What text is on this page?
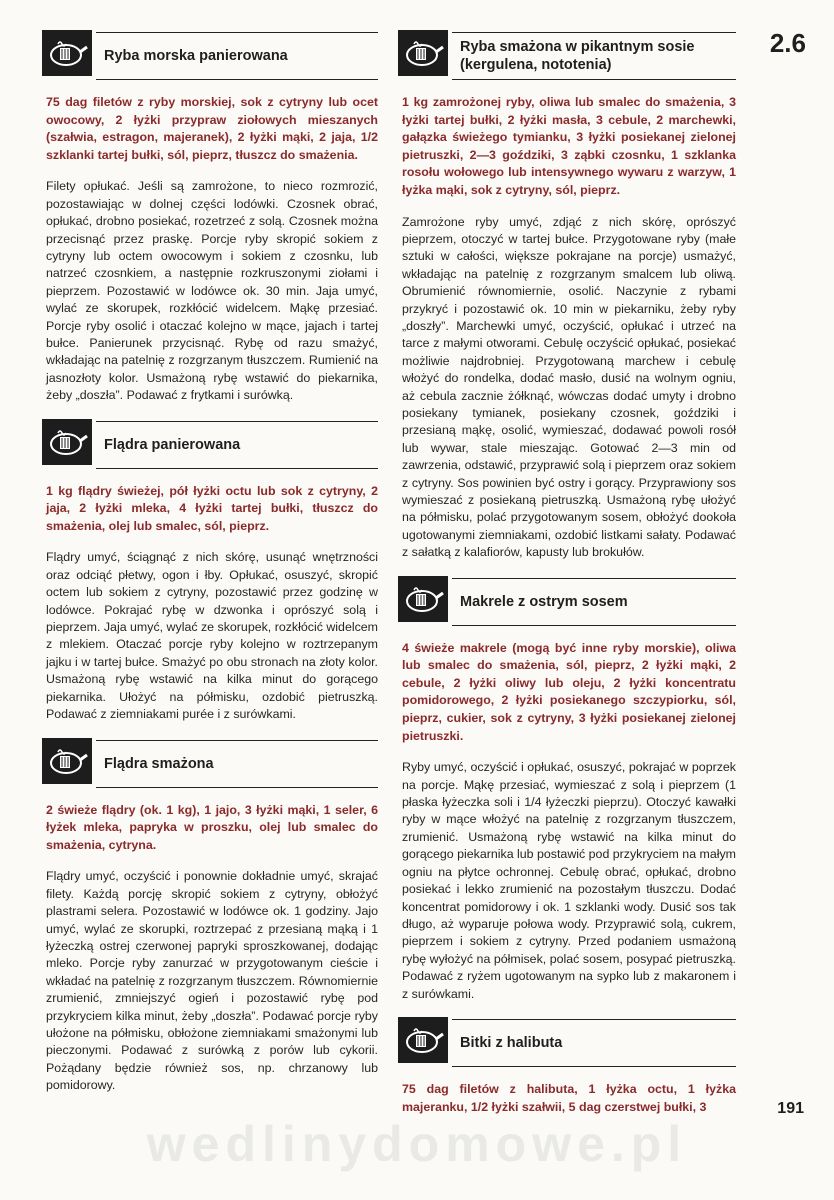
2.6
Ryba morska panierowana
75 dag filetów z ryby morskiej, sok z cytryny lub ocet owocowy, 2 łyżki przypraw ziołowych mieszanych (szałwia, estragon, majeranek), 2 łyżki mąki, 2 jaja, 1/2 szklanki tartej bułki, sól, pieprz, tłuszcz do smażenia.
Filety opłukać. Jeśli są zamrożone, to nieco rozmrozić, pozostawiając w dolnej części lodówki. Czosnek obrać, opłukać, drobno posiekać, rozetrzeć z solą. Czosnek można przecisnąć przez praskę. Porcje ryby skropić sokiem z cytryny lub octem owocowym i sokiem z czosnku, lub natrzeć czosnkiem, a następnie rozkruszonymi ziołami i pieprzem. Pozostawić w lodówce ok. 30 min. Jaja umyć, wylać ze skorupek, rozkłócić widelcem. Mąkę przesiać. Porcje ryby osolić i otaczać kolejno w mące, jajach i tartej bułce. Panierunek przycisnąć. Rybę od razu smażyć, wkładając na patelnię z rozgrzanym tłuszczem. Rumienić na jasnozłoty kolor. Usmażoną rybę wstawić do piekarnika, żeby „doszła”. Podawać z frytkami i surówką.
Flądra panierowana
1 kg flądry świeżej, pół łyżki octu lub sok z cytryny, 2 jaja, 2 łyżki mleka, 4 łyżki tartej bułki, tłuszcz do smażenia, olej lub smalec, sól, pieprz.
Flądry umyć, ściągnąć z nich skórę, usunąć wnętrzności oraz odciąć płetwy, ogon i łby. Opłukać, osuszyć, skropić octem lub sokiem z cytryny, pozostawić przez godzinę w lodówce. Pokrajać rybę w dzwonka i oprószyć solą i pieprzem. Jaja umyć, wylać ze skorupek, rozkłócić widelcem z mlekiem. Otaczać porcje ryby kolejno w roztrzepanym jajku i w tartej bułce. Smażyć po obu stronach na złoty kolor. Usmażoną rybę wstawić na kilka minut do gorącego piekarnika. Ułożyć na półmisku, ozdobić pietruszką. Podawać z ziemniakami purée i z surówkami.
Flądra smażona
2 świeże flądry (ok. 1 kg), 1 jajo, 3 łyżki mąki, 1 seler, 6 łyżek mleka, papryka w proszku, olej lub smalec do smażenia, cytryna.
Flądry umyć, oczyścić i ponownie dokładnie umyć, skrajać filety. Każdą porcję skropić sokiem z cytryny, obłożyć plastrami selera. Pozostawić w lodówce ok. 1 godziny. Jajo umyć, wylać ze skorupki, roztrzepać z przesianą mąką i 1 łyżeczką ostrej czerwonej papryki sproszkowanej, dodając mleko. Porcje ryby zanurzać w przygotowanym cieście i wkładać na patelnię z rozgrzanym tłuszczem. Równomiernie zrumienić, zmniejszyć ogień i pozostawić rybę pod przykryciem kilka minut, żeby „doszła”. Podawać porcje ryby ułożone na półmisku, obłożone ziemniakami smażonymi lub pieczonymi. Podawać z surówką z porów lub cykorii. Pożądany będzie również sos, np. chrzanowy lub pomidorowy.
Ryba smażona w pikantnym sosie
(kergulena, nototenia)
1 kg zamrożonej ryby, oliwa lub smalec do smażenia, 3 łyżki tartej bułki, 2 łyżki masła, 3 cebule, 2 marchewki, gałązka świeżego tymianku, 3 łyżki posiekanej zielonej pietruszki, 2—3 goździki, 3 ząbki czosnku, 1 szklanka rosołu wołowego lub intensywnego wywaru z warzyw, 1 łyżka mąki, sok z cytryny, sól, pieprz.
Zamrożone ryby umyć, zdjąć z nich skórę, oprószyć pieprzem, otoczyć w tartej bułce. Przygotowane ryby (małe sztuki w całości, większe pokrajane na porcje) usmażyć, wkładając na patelnię z rozgrzanym smalcem lub oliwą. Obrumienić równomiernie, osolić. Naczynie z rybami przykryć i pozostawić ok. 10 min w piekarniku, żeby ryby „doszły”. Marchewki umyć, oczyścić, opłukać i utrzeć na tarce z małymi otworami. Cebulę oczyścić opłukać, posiekać możliwie najdrobniej. Przygotowaną marchew i cebulę włożyć do rondelka, dodać masło, dusić na wolnym ogniu, aż cebula zacznie żółknąć, wówczas dodać umyty i drobno posiekany tymianek, posiekany czosnek, goździki i przesianą mąkę, osolić, wymieszać, dodawać powoli rosół lub wywar, stale mieszając. Gotować 2—3 min od zawrzenia, odstawić, przyprawić solą i pieprzem oraz sokiem z cytryny. Sos powinien być ostry i gorący. Przyprawiony sos wymieszać z posiekaną pietruszką. Usmażoną rybę ułożyć na półmisku, polać przygotowanym sosem, obłożyć dookoła ugotowanymi ziemniakami, ozdobić listkami sałaty. Podawać z sałatką z kalafiorów, kapusty lub brokułów.
Makrele z ostrym sosem
4 świeże makrele (mogą być inne ryby morskie), oliwa lub smalec do smażenia, sól, pieprz, 2 łyżki mąki, 2 cebule, 2 łyżki oliwy lub oleju, 2 łyżki koncentratu pomidorowego, 2 łyżki posiekanego szczypiorku, sól, pieprz, cukier, sok z cytryny, 3 łyżki posiekanej zielonej pietruszki.
Ryby umyć, oczyścić i opłukać, osuszyć, pokrajać w poprzek na porcje. Mąkę przesiać, wymieszać z solą i pieprzem (1 płaska łyżeczka soli i 1/4 łyżeczki pieprzu). Otoczyć kawałki ryby w mące włożyć na patelnię z rozgrzanym tłuszczem, zrumienić. Usmażoną rybę wstawić na kilka minut do gorącego piekarnika lub postawić pod przykryciem na małym ogniu na płytce ochronnej. Cebulę obrać, opłukać, drobno posiekać i lekko zrumienić na pozostałym tłuszczu. Dodać koncentrat pomidorowy i ok. 1 szklanki wody. Dusić sos tak długo, aż wyparuje połowa wody. Przyprawić solą, cukrem, pieprzem i sokiem z cytryny. Przed podaniem usmażoną rybę wyłożyć na półmisek, polać sosem, posypać pietruszką. Podawać z ryżem ugotowanym na sypko lub z makaronem i z surówkami.
Bitki z halibuta
75 dag filetów z halibuta, 1 łyżka octu, 1 łyżka majeranku, 1/2 łyżki szałwii, 5 dag czerstwej bułki, 3	191
wedlinydomowe.pl
